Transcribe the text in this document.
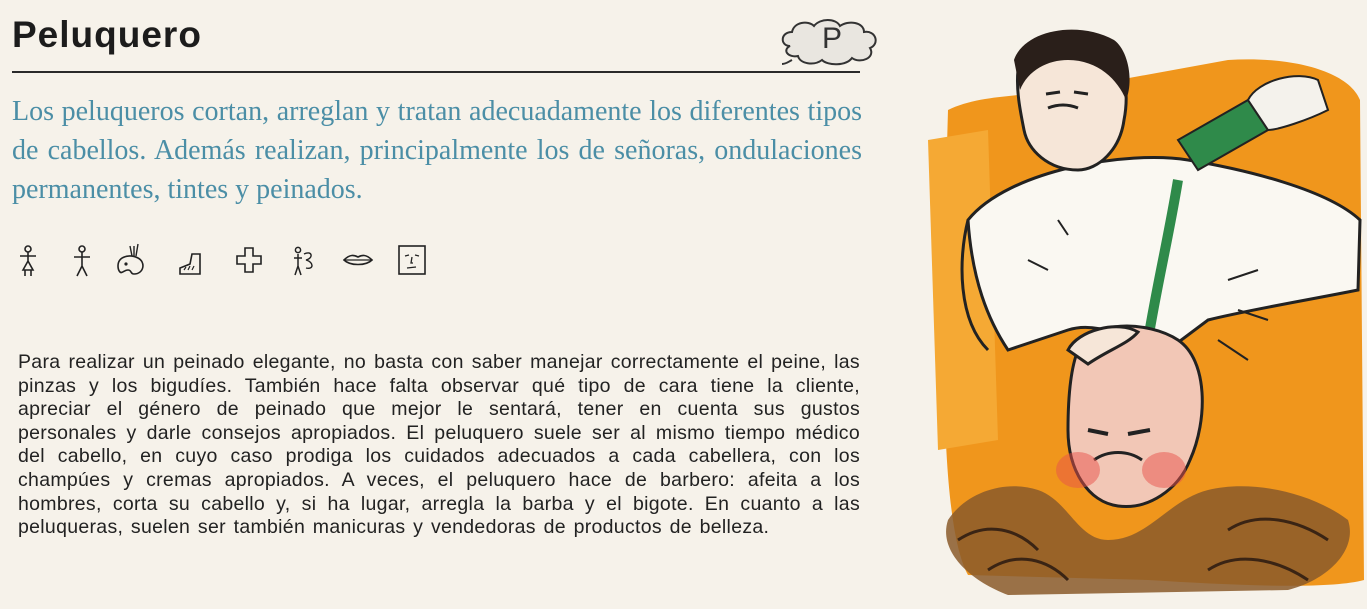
Peluquero	P
Los peluqueros cortan, arreglan y tratan adecuadamente los diferentes tipos de cabellos. Además realizan, principalmente los de señoras, ondulaciones permanentes, tintes y peinados.
Para realizar un peinado elegante, no basta con saber manejar correctamente el peine, las pinzas y los bigudíes. También hace falta observar qué tipo de cara tiene la cliente, apreciar el género de peinado que mejor le sentará, tener en cuenta sus gustos personales y darle consejos apropiados. El peluquero suele ser al mismo tiempo médico del cabello, en cuyo caso prodiga los cuidados adecuados a cada cabellera, con los champúes y cremas apropiados. A veces, el peluquero hace de barbero: afeita a los hombres, corta su cabello y, si ha lugar, arregla la barba y el bigote. En cuanto a las peluqueras, suelen ser también manicuras y vendedoras de productos de belleza.
